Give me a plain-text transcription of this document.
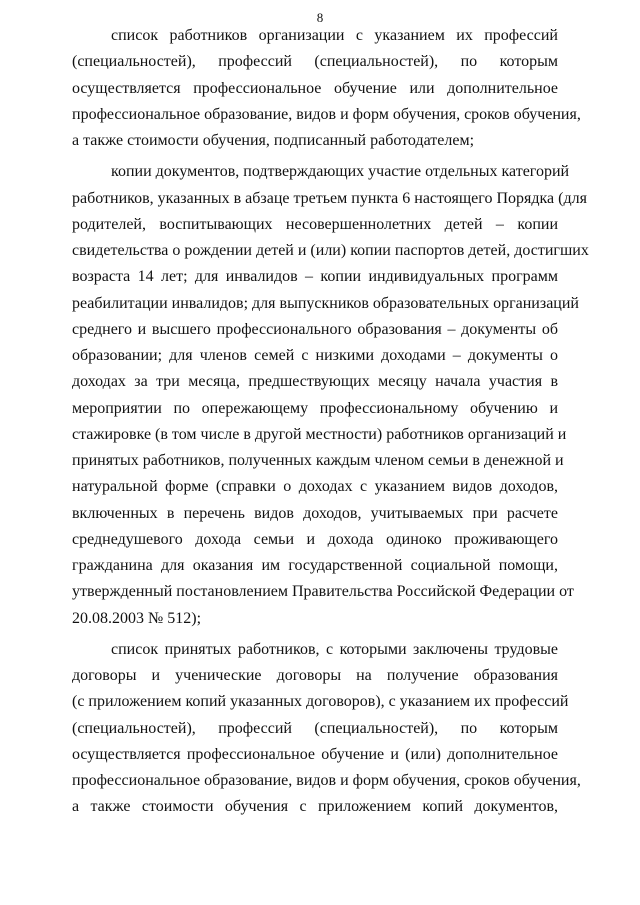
8
список работников организации с указанием их профессий
(специальностей), профессий (специальностей), по которым
осуществляется профессиональное обучение или дополнительное
профессиональное образование, видов и форм обучения, сроков обучения,
а также стоимости обучения, подписанный работодателем;
копии документов, подтверждающих участие отдельных категорий
работников, указанных в абзаце третьем пункта 6 настоящего Порядка (для
родителей, воспитывающих несовершеннолетних детей – копии
свидетельства о рождении детей и (или) копии паспортов детей, достигших
возраста 14 лет; для инвалидов – копии индивидуальных программ
реабилитации инвалидов; для выпускников образовательных организаций
среднего и высшего профессионального образования – документы об
образовании; для членов семей с низкими доходами – документы о
доходах за три месяца, предшествующих месяцу начала участия в
мероприятии по опережающему профессиональному обучению и
стажировке (в том числе в другой местности) работников организаций и
принятых работников, полученных каждым членом семьи в денежной и
натуральной форме (справки о доходах с указанием видов доходов,
включенных в перечень видов доходов, учитываемых при расчете
среднедушевого дохода семьи и дохода одиноко проживающего
гражданина для оказания им государственной социальной помощи,
утвержденный постановлением Правительства Российской Федерации от
20.08.2003 № 512);
список принятых работников, с которыми заключены трудовые
договоры и ученические договоры на получение образования
(с приложением копий указанных договоров), с указанием их профессий
(специальностей), профессий (специальностей), по которым
осуществляется профессиональное обучение и (или) дополнительное
профессиональное образование, видов и форм обучения, сроков обучения,
а также стоимости обучения с приложением копий документов,
